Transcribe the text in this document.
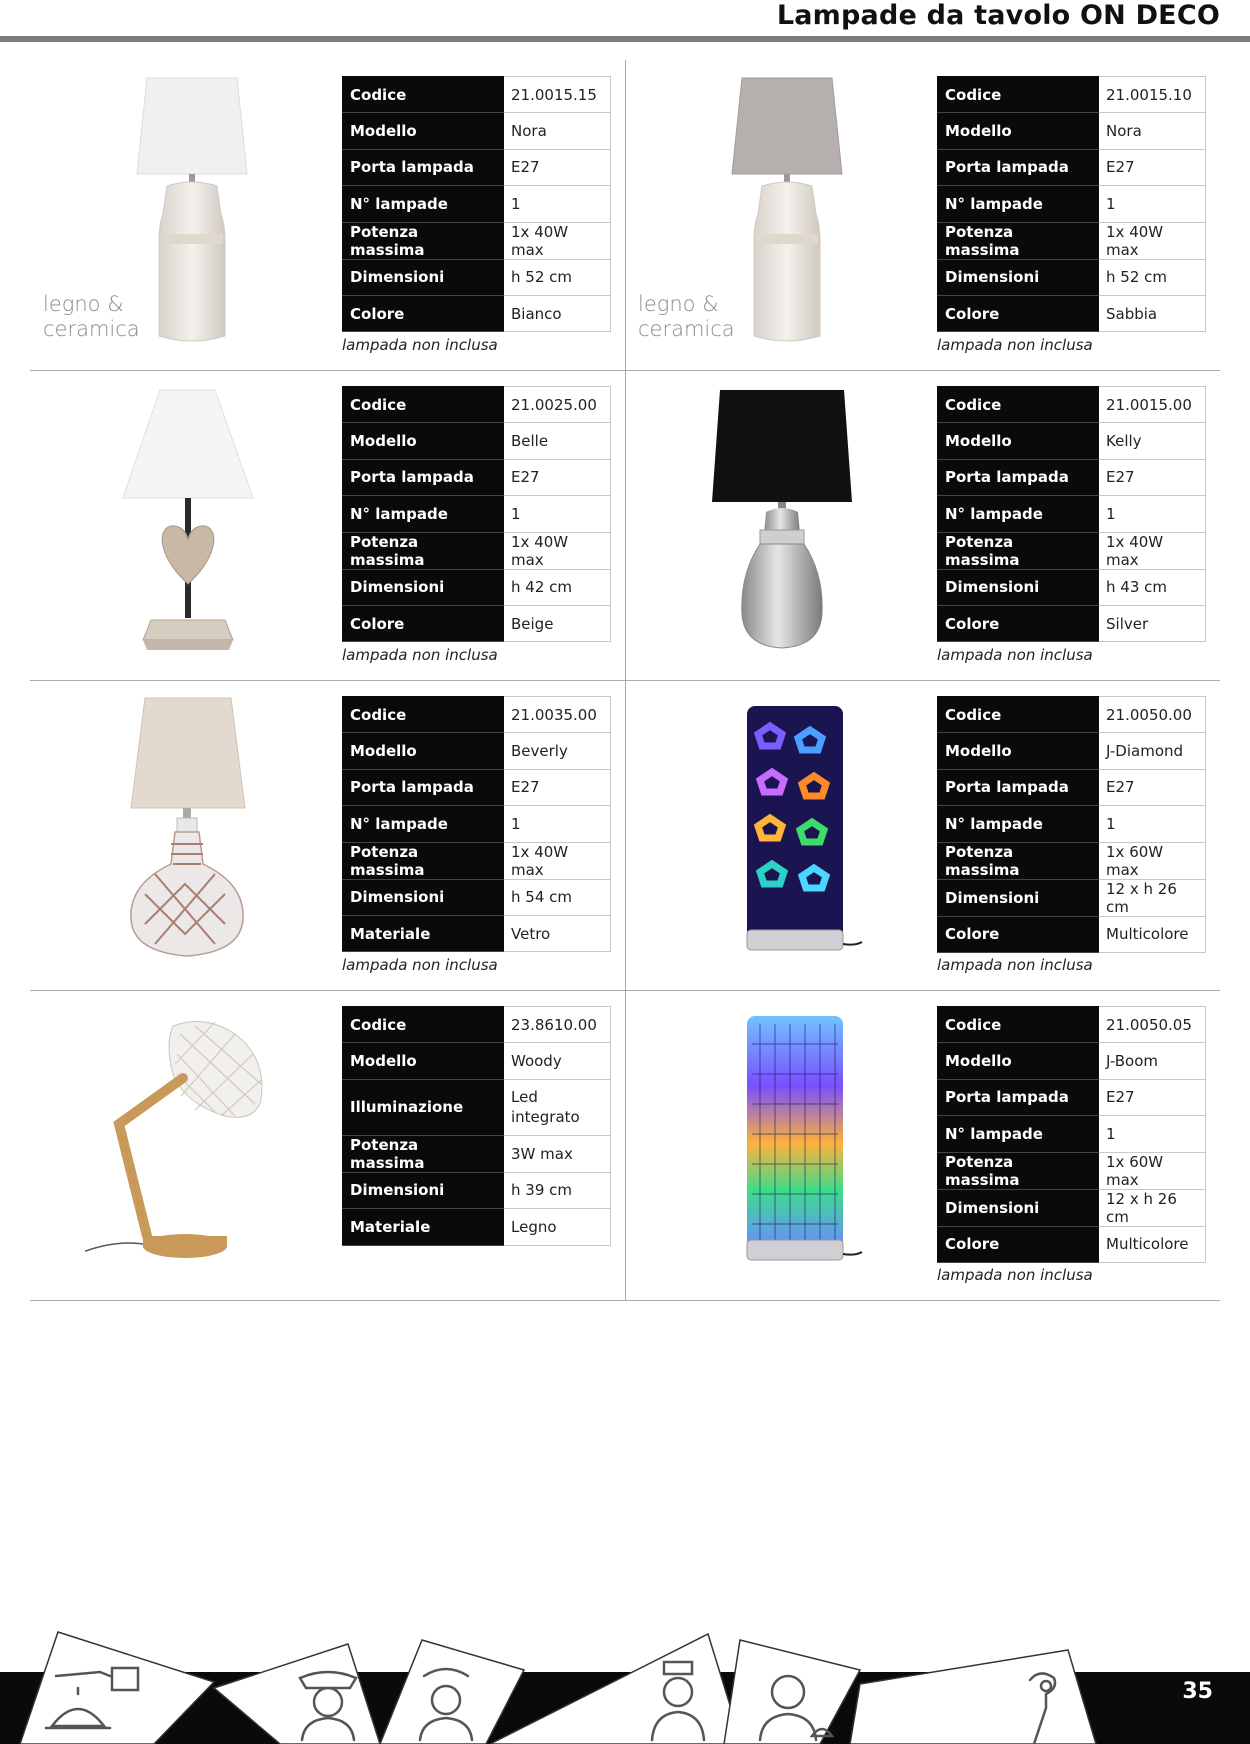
Lampade da tavolo ON DECO
legno &
ceramica
Codice	21.0015.15
Modello	Nora
Porta lampada	E27
N° lampade	1
Potenza massima	1x 40W max
Dimensioni	h 52 cm
Colore	Bianco
lampada non inclusa
legno &
ceramica
Codice	21.0015.10
Modello	Nora
Porta lampada	E27
N° lampade	1
Potenza massima	1x 40W max
Dimensioni	h 52 cm
Colore	Sabbia
lampada non inclusa
Codice	21.0025.00
Modello	Belle
Porta lampada	E27
N° lampade	1
Potenza massima	1x 40W max
Dimensioni	h 42 cm
Colore	Beige
lampada non inclusa
Codice	21.0015.00
Modello	Kelly
Porta lampada	E27
N° lampade	1
Potenza massima	1x 40W max
Dimensioni	h 43 cm
Colore	Silver
lampada non inclusa
Codice	21.0035.00
Modello	Beverly
Porta lampada	E27
N° lampade	1
Potenza massima	1x 40W max
Dimensioni	h 54 cm
Materiale	Vetro
lampada non inclusa
Codice	21.0050.00
Modello	J-Diamond
Porta lampada	E27
N° lampade	1
Potenza massima	1x 60W max
Dimensioni	12 x h 26 cm
Colore	Multicolore
lampada non inclusa
Codice	23.8610.00
Modello	Woody
Illuminazione	Led
integrato
Potenza massima	3W max
Dimensioni	h 39 cm
Materiale	Legno
Codice	21.0050.05
Modello	J-Boom
Porta lampada	E27
N° lampade	1
Potenza massima	1x 60W max
Dimensioni	12 x h 26 cm
Colore	Multicolore
lampada non inclusa
35
